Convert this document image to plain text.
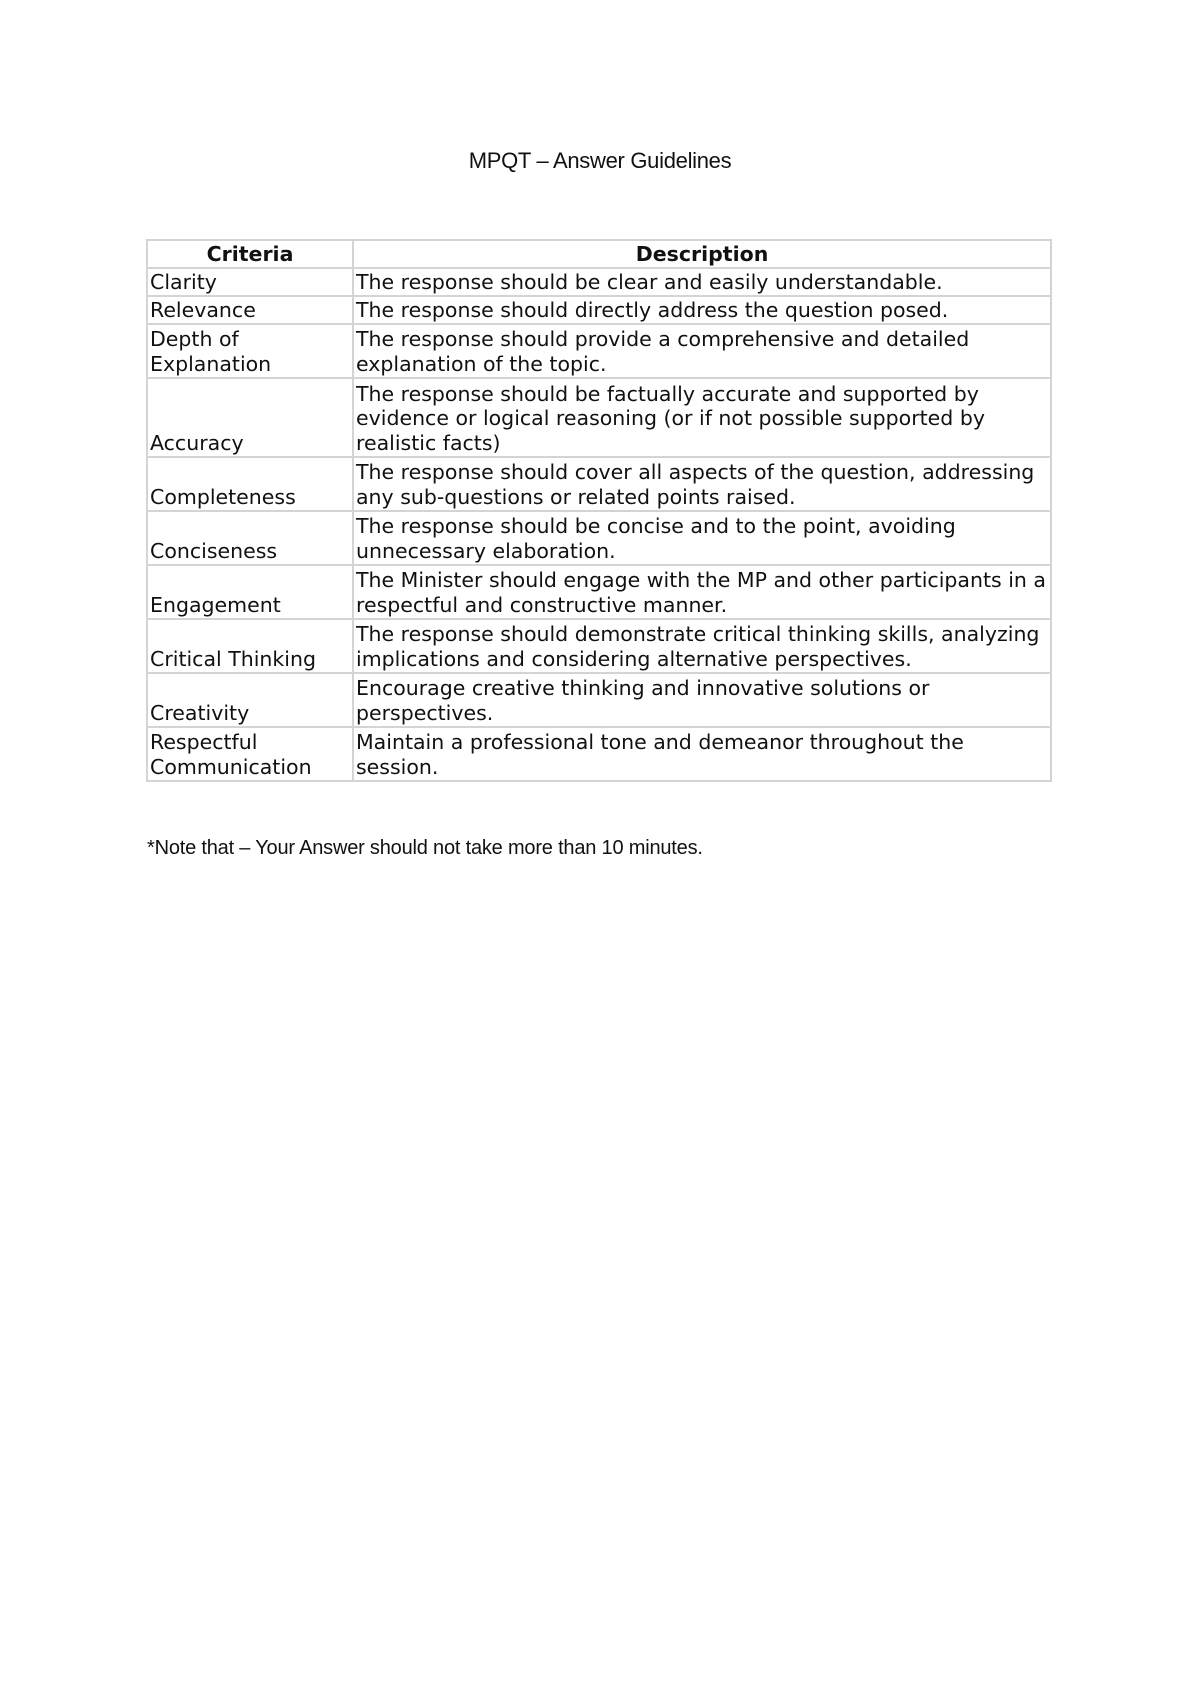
MPQT – Answer Guidelines
Criteria	Description
Clarity	The response should be clear and easily understandable.
Relevance	The response should directly address the question posed.
Depth of Explanation	The response should provide a comprehensive and detailed explanation of the topic.
Accuracy	The response should be factually accurate and supported by evidence or logical reasoning (or if not possible supported by realistic facts)
Completeness	The response should cover all aspects of the question, addressing any sub-questions or related points raised.
Conciseness	The response should be concise and to the point, avoiding unnecessary elaboration.
Engagement	The Minister should engage with the MP and other participants in a respectful and constructive manner.
Critical Thinking	The response should demonstrate critical thinking skills, analyzing implications and considering alternative perspectives.
Creativity	Encourage creative thinking and innovative solutions or perspectives.
Respectful Communication	Maintain a professional tone and demeanor throughout the session.

*Note that – Your Answer should not take more than 10 minutes.
